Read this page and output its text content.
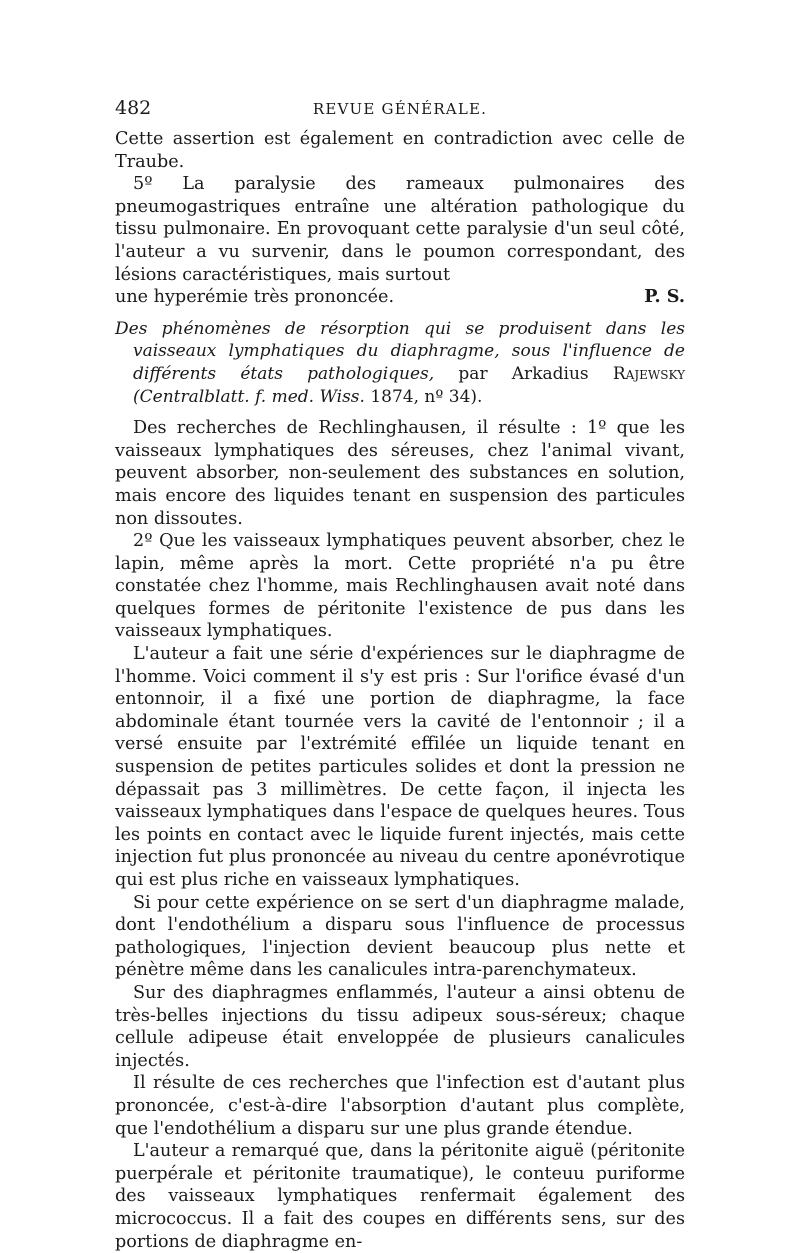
482	REVUE GÉNÉRALE.

Cette assertion est également en contradiction avec celle de Traube.

5º La paralysie des rameaux pulmonaires des pneumogastriques entraîne une altération pathologique du tissu pulmonaire. En provoquant cette paralysie d'un seul côté, l'auteur a vu survenir, dans le poumon correspondant, des lésions caractéristiques, mais surtout

une hyperémie très prononcée.	P. S.

Des phénomènes de résorption qui se produisent dans les vaisseaux lymphatiques du diaphragme, sous l'influence de différents états pathologiques, par Arkadius Rajewsky (Centralblatt. f. med. Wiss. 1874, nº 34).

Des recherches de Rechlinghausen, il résulte : 1º que les vaisseaux lymphatiques des séreuses, chez l'animal vivant, peuvent absorber, non-seulement des substances en solution, mais encore des liquides tenant en suspension des particules non dissoutes.

2º Que les vaisseaux lymphatiques peuvent absorber, chez le lapin, même après la mort. Cette propriété n'a pu être constatée chez l'homme, mais Rechlinghausen avait noté dans quelques formes de péritonite l'existence de pus dans les vaisseaux lymphatiques.

L'auteur a fait une série d'expériences sur le diaphragme de l'homme. Voici comment il s'y est pris : Sur l'orifice évasé d'un entonnoir, il a fixé une portion de diaphragme, la face abdominale étant tournée vers la cavité de l'entonnoir ; il a versé ensuite par l'extrémité effilée un liquide tenant en suspension de petites particules solides et dont la pression ne dépassait pas 3 millimètres. De cette façon, il injecta les vaisseaux lymphatiques dans l'espace de quelques heures. Tous les points en contact avec le liquide furent injectés, mais cette injection fut plus prononcée au niveau du centre aponévrotique qui est plus riche en vaisseaux lymphatiques.

Si pour cette expérience on se sert d'un diaphragme malade, dont l'endothélium a disparu sous l'influence de processus pathologiques, l'injection devient beaucoup plus nette et pénètre même dans les canalicules intra-parenchymateux.

Sur des diaphragmes enflammés, l'auteur a ainsi obtenu de très-belles injections du tissu adipeux sous-séreux; chaque cellule adipeuse était enveloppée de plusieurs canalicules injectés.

Il résulte de ces recherches que l'infection est d'autant plus prononcée, c'est-à-dire l'absorption d'autant plus complète, que l'endothélium a disparu sur une plus grande étendue.

L'auteur a remarqué que, dans la péritonite aiguë (péritonite puerpérale et péritonite traumatique), le conteuu puriforme des vaisseaux lymphatiques renfermait également des micrococcus. Il a fait des coupes en différents sens, sur des portions de diaphragme en-
